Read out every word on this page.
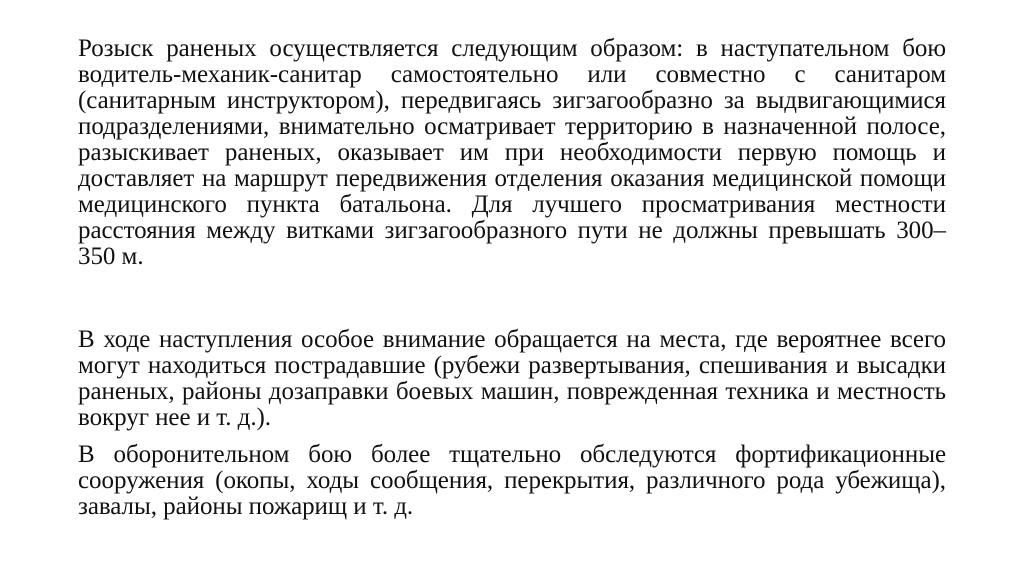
Розыск раненых осуществляется следующим образом: в наступательном бою водитель-механик-санитар самостоятельно или совместно с санитаром (санитарным инструктором), передвигаясь зигзагообразно за выдвигающимися подразделениями, внимательно осматривает территорию в назначенной полосе, разыскивает раненых, оказывает им при необходимости первую помощь и доставляет на маршрут передвижения отделения оказания медицинской помощи медицинского пункта батальона. Для лучшего просматривания местности расстояния между витками зигзагообразного пути не должны превышать 300–350 м.

В ходе наступления особое внимание обращается на места, где вероятнее всего могут находиться пострадавшие (рубежи развертывания, спешивания и высадки раненых, районы дозаправки боевых машин, поврежденная техника и местность вокруг нее и т. д.).

В оборонительном бою более тщательно обследуются фортификационные сооружения (окопы, ходы сообщения, перекрытия, различного рода убежища), завалы, районы пожарищ и т. д.
